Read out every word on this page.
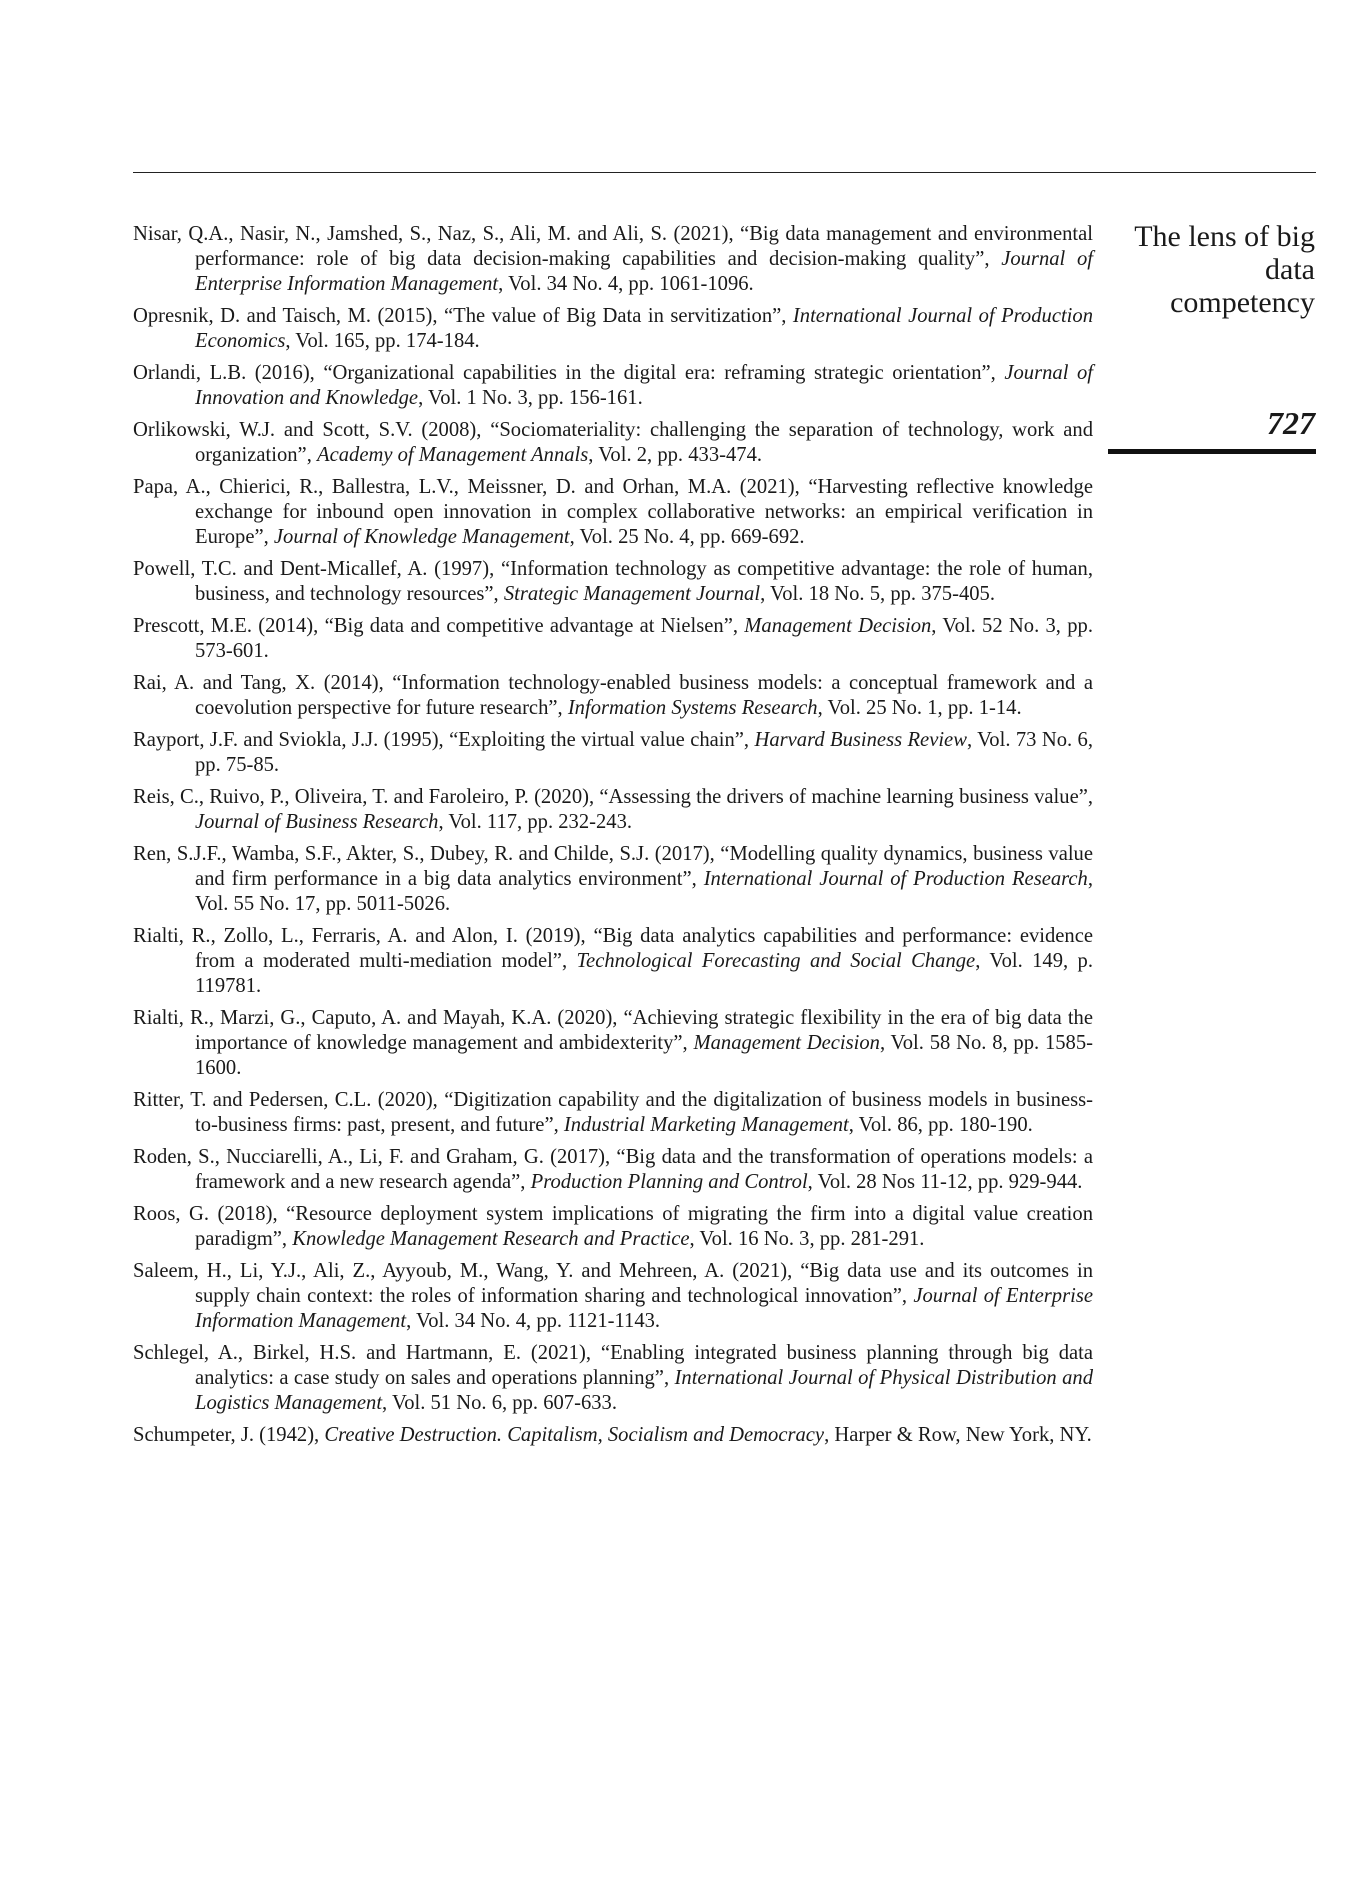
The lens of big

data

competency

727
Nisar, Q.A., Nasir, N., Jamshed, S., Naz, S., Ali, M. and Ali, S. (2021), “Big data management and environmental performance: role of big data decision-making capabilities and decision-making quality”, Journal of Enterprise Information Management, Vol. 34 No. 4, pp. 1061-1096.
Opresnik, D. and Taisch, M. (2015), “The value of Big Data in servitization”, International Journal of Production Economics, Vol. 165, pp. 174-184.
Orlandi, L.B. (2016), “Organizational capabilities in the digital era: reframing strategic orientation”, Journal of Innovation and Knowledge, Vol. 1 No. 3, pp. 156-161.
Orlikowski, W.J. and Scott, S.V. (2008), “Sociomateriality: challenging the separation of technology, work and organization”, Academy of Management Annals, Vol. 2, pp. 433-474.
Papa, A., Chierici, R., Ballestra, L.V., Meissner, D. and Orhan, M.A. (2021), “Harvesting reflective knowledge exchange for inbound open innovation in complex collaborative networks: an empirical verification in Europe”, Journal of Knowledge Management, Vol. 25 No. 4, pp. 669-692.
Powell, T.C. and Dent-Micallef, A. (1997), “Information technology as competitive advantage: the role of human, business, and technology resources”, Strategic Management Journal, Vol. 18 No. 5, pp. 375-405.
Prescott, M.E. (2014), “Big data and competitive advantage at Nielsen”, Management Decision, Vol. 52 No. 3, pp. 573-601.
Rai, A. and Tang, X. (2014), “Information technology-enabled business models: a conceptual framework and a coevolution perspective for future research”, Information Systems Research, Vol. 25 No. 1, pp. 1-14.
Rayport, J.F. and Sviokla, J.J. (1995), “Exploiting the virtual value chain”, Harvard Business Review, Vol. 73 No. 6, pp. 75-85.
Reis, C., Ruivo, P., Oliveira, T. and Faroleiro, P. (2020), “Assessing the drivers of machine learning business value”, Journal of Business Research, Vol. 117, pp. 232-243.
Ren, S.J.F., Wamba, S.F., Akter, S., Dubey, R. and Childe, S.J. (2017), “Modelling quality dynamics, business value and firm performance in a big data analytics environment”, International Journal of Production Research, Vol. 55 No. 17, pp. 5011-5026.
Rialti, R., Zollo, L., Ferraris, A. and Alon, I. (2019), “Big data analytics capabilities and performance: evidence from a moderated multi-mediation model”, Technological Forecasting and Social Change, Vol. 149, p. 119781.
Rialti, R., Marzi, G., Caputo, A. and Mayah, K.A. (2020), “Achieving strategic flexibility in the era of big data the importance of knowledge management and ambidexterity”, Management Decision, Vol. 58 No. 8, pp. 1585-1600.
Ritter, T. and Pedersen, C.L. (2020), “Digitization capability and the digitalization of business models in business-to-business firms: past, present, and future”, Industrial Marketing Management, Vol. 86, pp. 180-190.
Roden, S., Nucciarelli, A., Li, F. and Graham, G. (2017), “Big data and the transformation of operations models: a framework and a new research agenda”, Production Planning and Control, Vol. 28 Nos 11-12, pp. 929-944.
Roos, G. (2018), “Resource deployment system implications of migrating the firm into a digital value creation paradigm”, Knowledge Management Research and Practice, Vol. 16 No. 3, pp. 281-291.
Saleem, H., Li, Y.J., Ali, Z., Ayyoub, M., Wang, Y. and Mehreen, A. (2021), “Big data use and its outcomes in supply chain context: the roles of information sharing and technological innovation”, Journal of Enterprise Information Management, Vol. 34 No. 4, pp. 1121-1143.
Schlegel, A., Birkel, H.S. and Hartmann, E. (2021), “Enabling integrated business planning through big data analytics: a case study on sales and operations planning”, International Journal of Physical Distribution and Logistics Management, Vol. 51 No. 6, pp. 607-633.
Schumpeter, J. (1942), Creative Destruction. Capitalism, Socialism and Democracy, Harper & Row, New York, NY.
